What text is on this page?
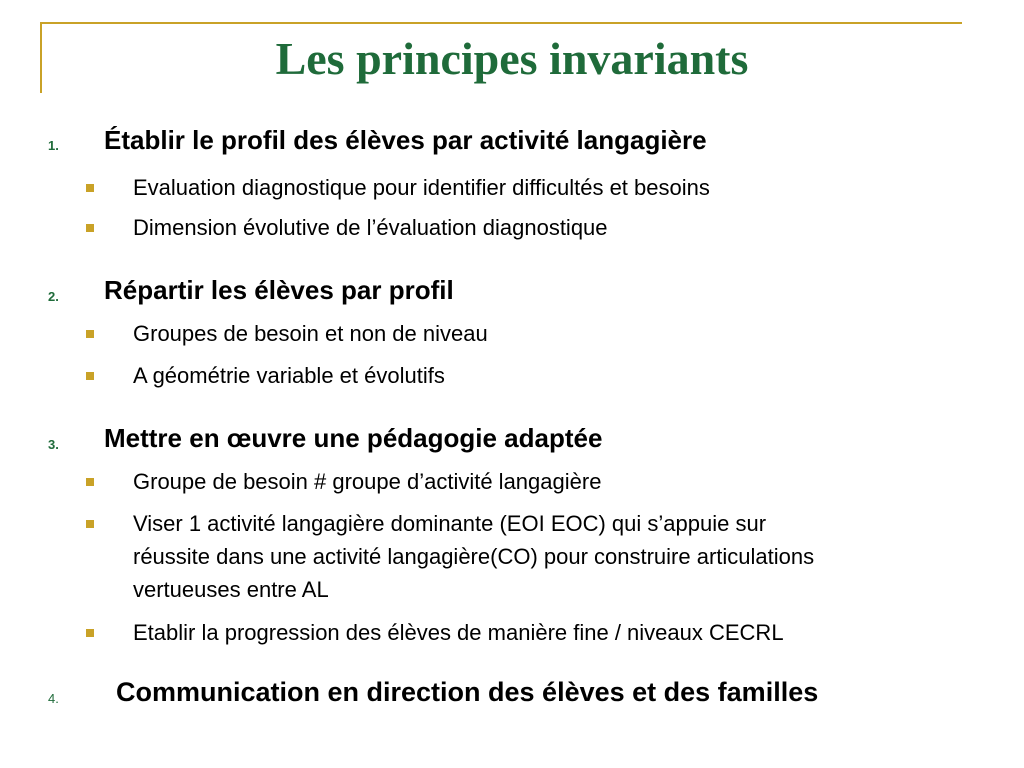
Les principes invariants
1. Établir le profil des élèves par activité langagière
Evaluation diagnostique pour identifier difficultés et besoins
Dimension évolutive de l’évaluation diagnostique
2. Répartir les élèves par profil
Groupes de besoin et non de niveau
A géométrie variable et évolutifs
3. Mettre en œuvre une pédagogie adaptée
Groupe de besoin # groupe d’activité langagière
Viser 1 activité langagière dominante (EOI EOC) qui s’appuie sur
réussite dans une activité langagière(CO) pour construire articulations
vertueuses entre AL
Etablir la progression des élèves de manière fine / niveaux CECRL
4. Communication en direction des élèves et des familles
